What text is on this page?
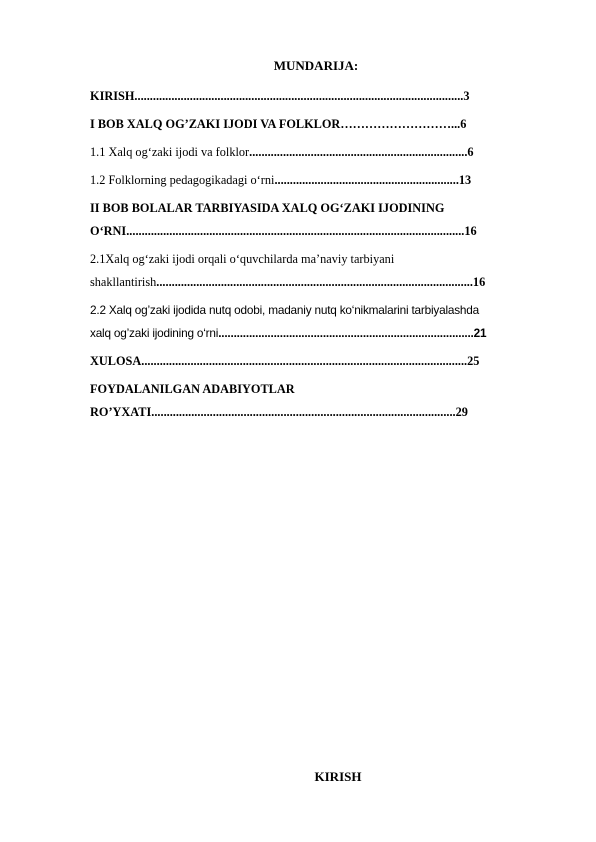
MUNDARIJA:
KIRISH...........................................................................................................3
I BOB XALQ OG’ZAKI IJODI VA FOLKLOR………………………...6
1.1 Xalq og‘zaki ijodi va folklor.......................................................................6
1.2 Folklorning pedagogikadagi o‘rni............................................................13
II BOB BOLALAR TARBIYASIDA XALQ OG‘ZAKI IJODINING
O‘RNI..............................................................................................................16
2.1Xalq og‘zaki ijodi orqali o‘quvchilarda ma’naviy tarbiyani
shakllantirish.......................................................................................................16
2.2 Xalq og’zaki ijodida nutq odobi, madaniy nutq ko‘nikmalarini tarbiyalashda
xalq og’zaki ijodining o‘rni...................................................................................21
XULOSA..........................................................................................................25
FOYDALANILGAN ADABIYOTLAR
RO’YXATI...................................................................................................29
KIRISH
